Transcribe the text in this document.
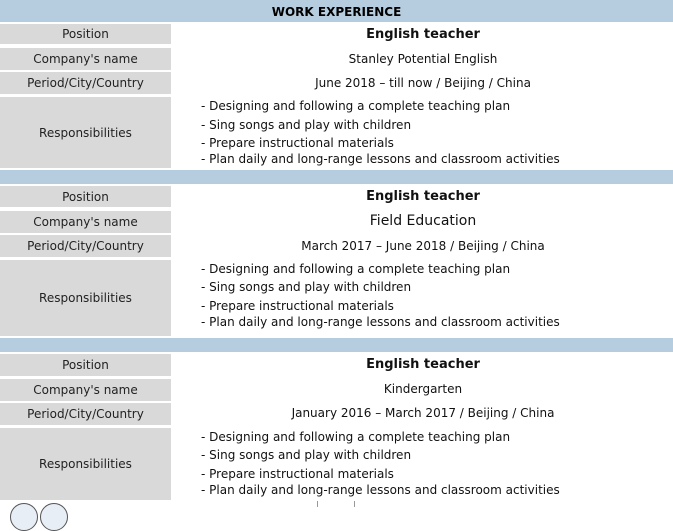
WORK EXPERIENCE
Position	English teacher
Company's name	Stanley Potential English
Period/City/Country	June 2018 – till now / Beijing / China
Responsibilities
- Designing and following a complete teaching plan
- Sing songs and play with children
- Prepare instructional materials
- Plan daily and long-range lessons and classroom activities
Position	English teacher
Company's name	Field Education
Period/City/Country	March 2017 – June 2018 / Beijing / China
Responsibilities
- Designing and following a complete teaching plan
- Sing songs and play with children
- Prepare instructional materials
- Plan daily and long-range lessons and classroom activities
Position	English teacher
Company's name	Kindergarten
Period/City/Country	January 2016 – March 2017 / Beijing / China
Responsibilities
- Designing and following a complete teaching plan
- Sing songs and play with children
- Prepare instructional materials
- Plan daily and long-range lessons and classroom activities
